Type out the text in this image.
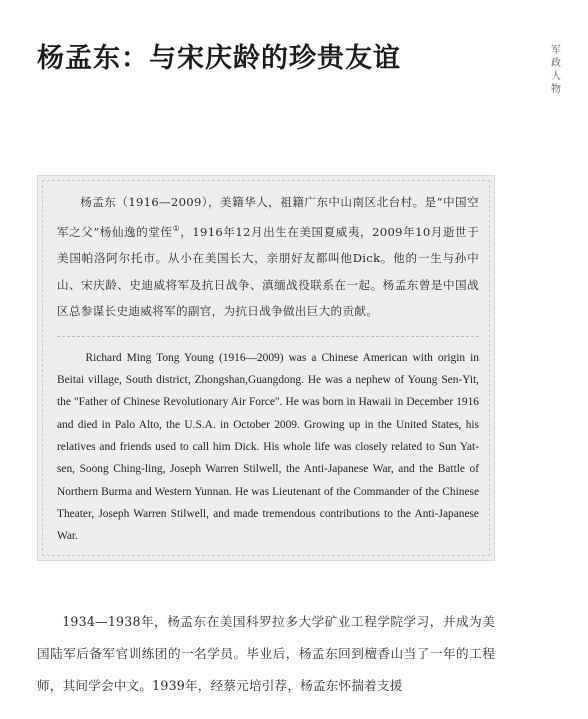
杨孟东：与宋庆龄的珍贵友谊	军政人物

杨孟东（1916—2009），美籍华人，祖籍广东中山南区北台村。是“中国空军之父”杨仙逸的堂侄①，1916年12月出生在美国夏威夷，2009年10月逝世于美国帕洛阿尔托市。从小在美国长大，亲朋好友都叫他Dick。他的一生与孙中山、宋庆龄、史迪威将军及抗日战争、滇缅战役联系在一起。杨孟东曾是中国战区总参谋长史迪威将军的副官，为抗日战争做出巨大的贡献。

Richard Ming Tong Young (1916—2009) was a Chinese American with origin in Beitai village, South district, Zhongshan,Guangdong. He was a nephew of Young Sen-Yit, the "Father of Chinese Revolutionary Air Force". He was born in Hawaii in December 1916 and died in Palo Alto, the U.S.A. in October 2009. Growing up in the United States, his relatives and friends used to call him Dick. His whole life was closely related to Sun Yat-sen, Soong Ching-ling, Joseph Warren Stilwell, the Anti-Japanese War, and the Battle of Northern Burma and Western Yunnan. He was Lieutenant of the Commander of the Chinese Theater, Joseph Warren Stilwell, and made tremendous contributions to the Anti-Japanese War.

1934—1938年，杨孟东在美国科罗拉多大学矿业工程学院学习，并成为美国陆军后备军官训练团的一名学员。毕业后，杨孟东回到檀香山当了一年的工程师，其间学会中文。1939年，经蔡元培引荐，杨孟东怀揣着支援
